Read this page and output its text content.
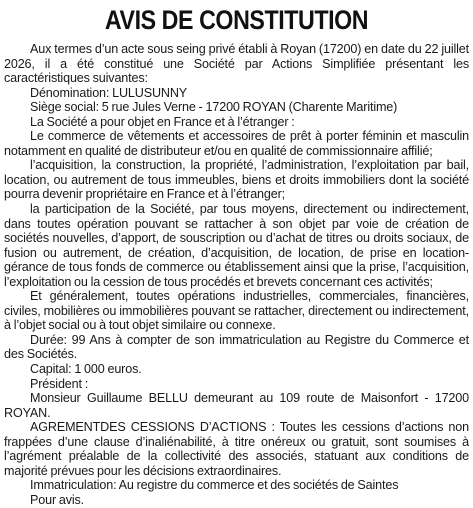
AVIS DE CONSTITUTION

Aux termes d’un acte sous seing privé établi à Royan (17200) en date du 22 juillet 2026, il a été constitué une Société par Actions Simplifiée présentant les caractéristiques suivantes:

Dénomination: LULUSUNNY

Siège social: 5 rue Jules Verne - 17200 ROYAN (Charente Maritime)

La Société a pour objet en France et à l’étranger :

Le commerce de vêtements et accessoires de prêt à porter féminin et masculin notamment en qualité de distributeur et/ou en qualité de commissionnaire affilié;

l’acquisition, la construction, la propriété, l’administration, l’exploitation par bail, location, ou autrement de tous immeubles, biens et droits immobiliers dont la société pourra devenir propriétaire en France et à l’étranger;

la participation de la Société, par tous moyens, directement ou indirectement, dans toutes opération pouvant se rattacher à son objet par voie de création de sociétés nouvelles, d’apport, de souscription ou d’achat de titres ou droits sociaux, de fusion ou autrement, de création, d’acquisition, de location, de prise en location-gérance de tous fonds de commerce ou établissement ainsi que la prise, l’acquisition, l’exploitation ou la cession de tous procédés et brevets concernant ces activités;

Et généralement, toutes opérations industrielles, commerciales, financières, civiles, mobilières ou immobilières pouvant se rattacher, directement ou indirectement, à l’objet social ou à tout objet similaire ou connexe.

Durée: 99 Ans à compter de son immatriculation au Registre du Commerce et des Sociétés.

Capital: 1 000 euros.

Président :

Monsieur Guillaume BELLU demeurant au 109 route de Maisonfort - 17200 ROYAN.

AGREMENTDES CESSIONS D’ACTIONS : Toutes les cessions d’actions non frappées d’une clause d’inaliénabilité, à titre onéreux ou gratuit, sont soumises à l’agrément préalable de la collectivité des associés, statuant aux conditions de majorité prévues pour les décisions extraordinaires.

Immatriculation: Au registre du commerce et des sociétés de Saintes

Pour avis.
